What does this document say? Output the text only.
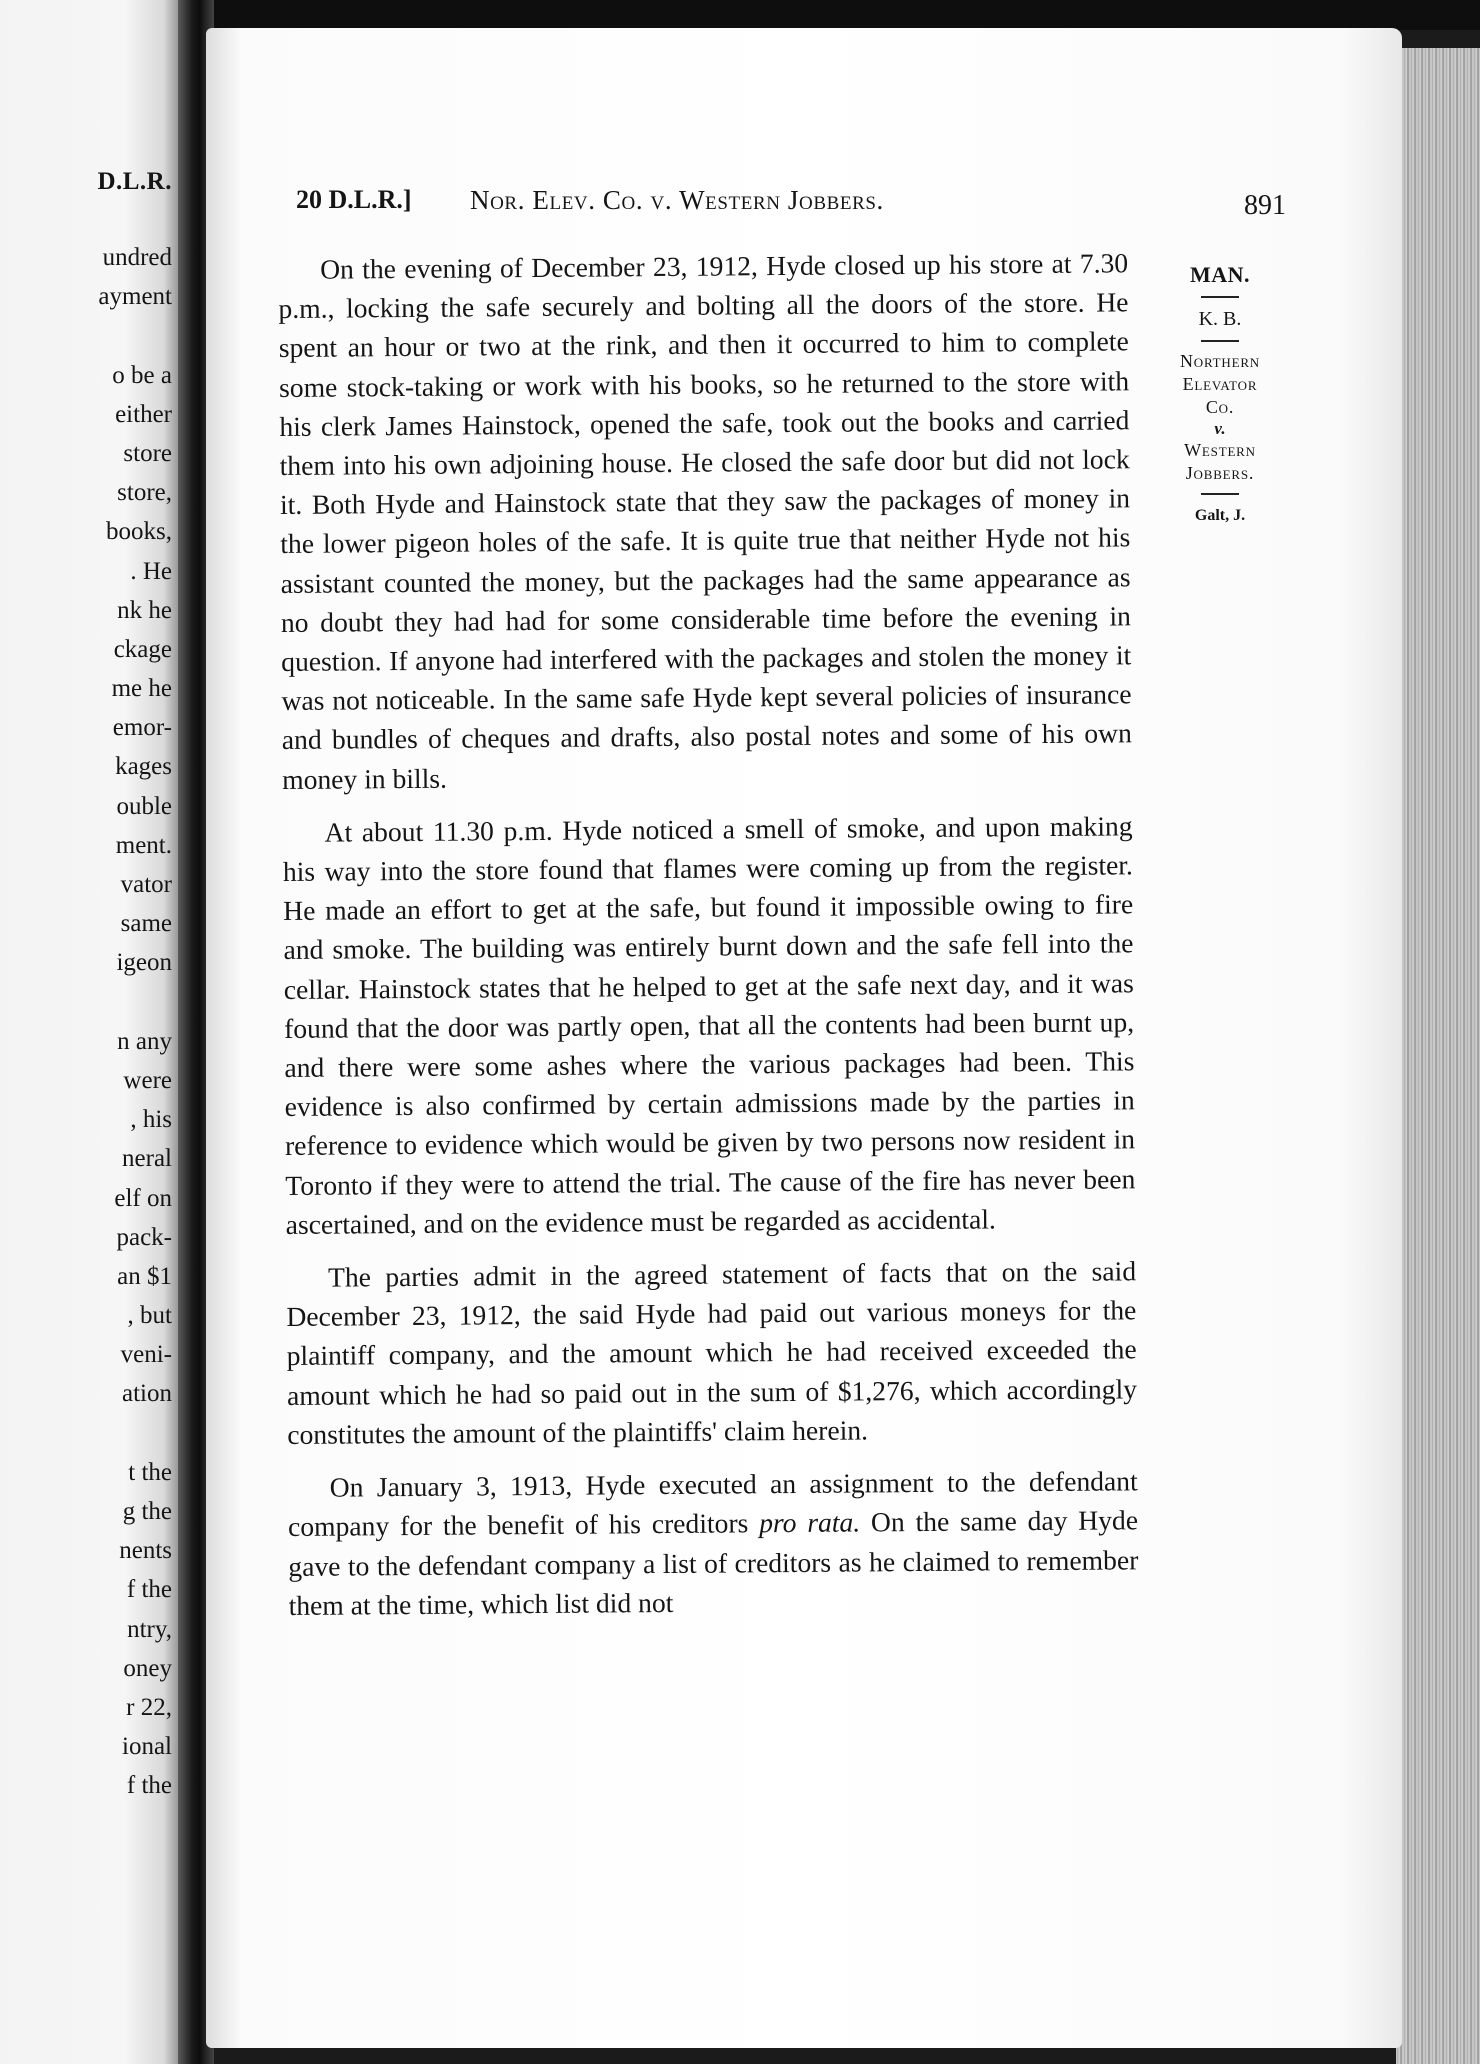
D.L.R.
undred
ayment
o be a
either
store
store,
books,
. He
nk he
ckage
me he
emor-
kages
ouble
ment.
vator
same
igeon
n any
were
, his
neral
elf on
pack-
an $1
, but
veni-
ation
t the
g the
nents
f the
ntry,
oney
r 22,
ional
f the
20 D.L.R.] Nor. Elev. Co. v. Western Jobbers.	891
MAN.
K. B.
Northern
Elevator
Co.
v.
Western
Jobbers.
Galt, J.

On the evening of December 23, 1912, Hyde closed up his store at 7.30 p.m., locking the safe securely and bolting all the doors of the store. He spent an hour or two at the rink, and then it occurred to him to complete some stock-taking or work with his books, so he returned to the store with his clerk James Hainstock, opened the safe, took out the books and carried them into his own adjoining house. He closed the safe door but did not lock it. Both Hyde and Hainstock state that they saw the packages of money in the lower pigeon holes of the safe. It is quite true that neither Hyde not his assistant counted the money, but the packages had the same appearance as no doubt they had had for some considerable time before the evening in question. If anyone had interfered with the packages and stolen the money it was not noticeable. In the same safe Hyde kept several policies of insurance and bundles of cheques and drafts, also postal notes and some of his own money in bills.

At about 11.30 p.m. Hyde noticed a smell of smoke, and upon making his way into the store found that flames were coming up from the register. He made an effort to get at the safe, but found it impossible owing to fire and smoke. The building was entirely burnt down and the safe fell into the cellar. Hainstock states that he helped to get at the safe next day, and it was found that the door was partly open, that all the contents had been burnt up, and there were some ashes where the various packages had been. This evidence is also confirmed by certain admissions made by the parties in reference to evidence which would be given by two persons now resident in Toronto if they were to attend the trial. The cause of the fire has never been ascertained, and on the evidence must be regarded as accidental.

The parties admit in the agreed statement of facts that on the said December 23, 1912, the said Hyde had paid out various moneys for the plaintiff company, and the amount which he had received exceeded the amount which he had so paid out in the sum of $1,276, which accordingly constitutes the amount of the plaintiffs' claim herein.

On January 3, 1913, Hyde executed an assignment to the defendant company for the benefit of his creditors pro rata. On the same day Hyde gave to the defendant company a list of creditors as he claimed to remember them at the time, which list did not
